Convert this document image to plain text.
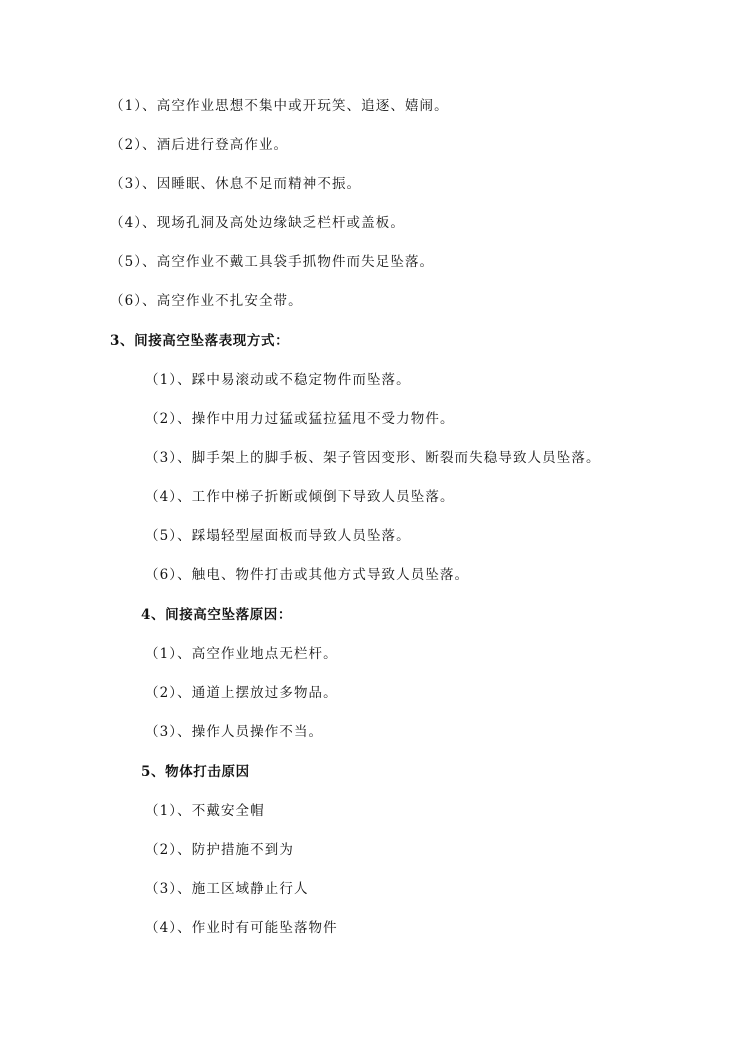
（1）、高空作业思想不集中或开玩笑、追逐、嬉闹。
（2）、酒后进行登高作业。
（3）、因睡眠、休息不足而精神不振。
（4）、现场孔洞及高处边缘缺乏栏杆或盖板。
（5）、高空作业不戴工具袋手抓物件而失足坠落。
（6）、高空作业不扎安全带。
3、间接高空坠落表现方式：
（1）、踩中易滚动或不稳定物件而坠落。
（2）、操作中用力过猛或猛拉猛甩不受力物件。
（3）、脚手架上的脚手板、架子管因变形、断裂而失稳导致人员坠落。
（4）、工作中梯子折断或倾倒下导致人员坠落。
（5）、踩塌轻型屋面板而导致人员坠落。
（6）、触电、物件打击或其他方式导致人员坠落。
4、间接高空坠落原因：
（1）、高空作业地点无栏杆。
（2）、通道上摆放过多物品。
（3）、操作人员操作不当。
5、物体打击原因
（1）、不戴安全帽
（2）、防护措施不到为
（3）、施工区域静止行人
（4）、作业时有可能坠落物件
